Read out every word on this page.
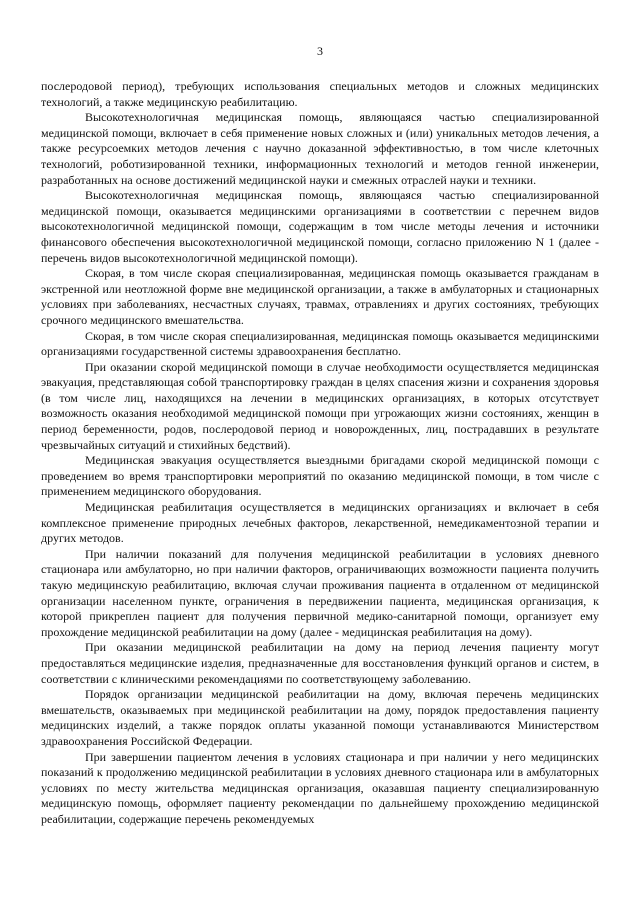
3

послеродовой период), требующих использования специальных методов и сложных медицинских технологий, а также медицинскую реабилитацию.

Высокотехнологичная медицинская помощь, являющаяся частью специализированной медицинской помощи, включает в себя применение новых сложных и (или) уникальных методов лечения, а также ресурсоемких методов лечения с научно доказанной эффективностью, в том числе клеточных технологий, роботизированной техники, информационных технологий и методов генной инженерии, разработанных на основе достижений медицинской науки и смежных отраслей науки и техники.

Высокотехнологичная медицинская помощь, являющаяся частью специализированной медицинской помощи, оказывается медицинскими организациями в соответствии с перечнем видов высокотехнологичной медицинской помощи, содержащим в том числе методы лечения и источники финансового обеспечения высокотехнологичной медицинской помощи, согласно приложению N 1 (далее - перечень видов высокотехнологичной медицинской помощи).

Скорая, в том числе скорая специализированная, медицинская помощь оказывается гражданам в экстренной или неотложной форме вне медицинской организации, а также в амбулаторных и стационарных условиях при заболеваниях, несчастных случаях, травмах, отравлениях и других состояниях, требующих срочного медицинского вмешательства.

Скорая, в том числе скорая специализированная, медицинская помощь оказывается медицинскими организациями государственной системы здравоохранения бесплатно.

При оказании скорой медицинской помощи в случае необходимости осуществляется медицинская эвакуация, представляющая собой транспортировку граждан в целях спасения жизни и сохранения здоровья (в том числе лиц, находящихся на лечении в медицинских организациях, в которых отсутствует возможность оказания необходимой медицинской помощи при угрожающих жизни состояниях, женщин в период беременности, родов, послеродовой период и новорожденных, лиц, пострадавших в результате чрезвычайных ситуаций и стихийных бедствий).

Медицинская эвакуация осуществляется выездными бригадами скорой медицинской помощи с проведением во время транспортировки мероприятий по оказанию медицинской помощи, в том числе с применением медицинского оборудования.

Медицинская реабилитация осуществляется в медицинских организациях и включает в себя комплексное применение природных лечебных факторов, лекарственной, немедикаментозной терапии и других методов.

При наличии показаний для получения медицинской реабилитации в условиях дневного стационара или амбулаторно, но при наличии факторов, ограничивающих возможности пациента получить такую медицинскую реабилитацию, включая случаи проживания пациента в отдаленном от медицинской организации населенном пункте, ограничения в передвижении пациента, медицинская организация, к которой прикреплен пациент для получения первичной медико-санитарной помощи, организует ему прохождение медицинской реабилитации на дому (далее - медицинская реабилитация на дому).

При оказании медицинской реабилитации на дому на период лечения пациенту могут предоставляться медицинские изделия, предназначенные для восстановления функций органов и систем, в соответствии с клиническими рекомендациями по соответствующему заболеванию.

Порядок организации медицинской реабилитации на дому, включая перечень медицинских вмешательств, оказываемых при медицинской реабилитации на дому, порядок предоставления пациенту медицинских изделий, а также порядок оплаты указанной помощи устанавливаются Министерством здравоохранения Российской Федерации.

При завершении пациентом лечения в условиях стационара и при наличии у него медицинских показаний к продолжению медицинской реабилитации в условиях дневного стационара или в амбулаторных условиях по месту жительства медицинская организация, оказавшая пациенту специализированную медицинскую помощь, оформляет пациенту рекомендации по дальнейшему прохождению медицинской реабилитации, содержащие перечень рекомендуемых
